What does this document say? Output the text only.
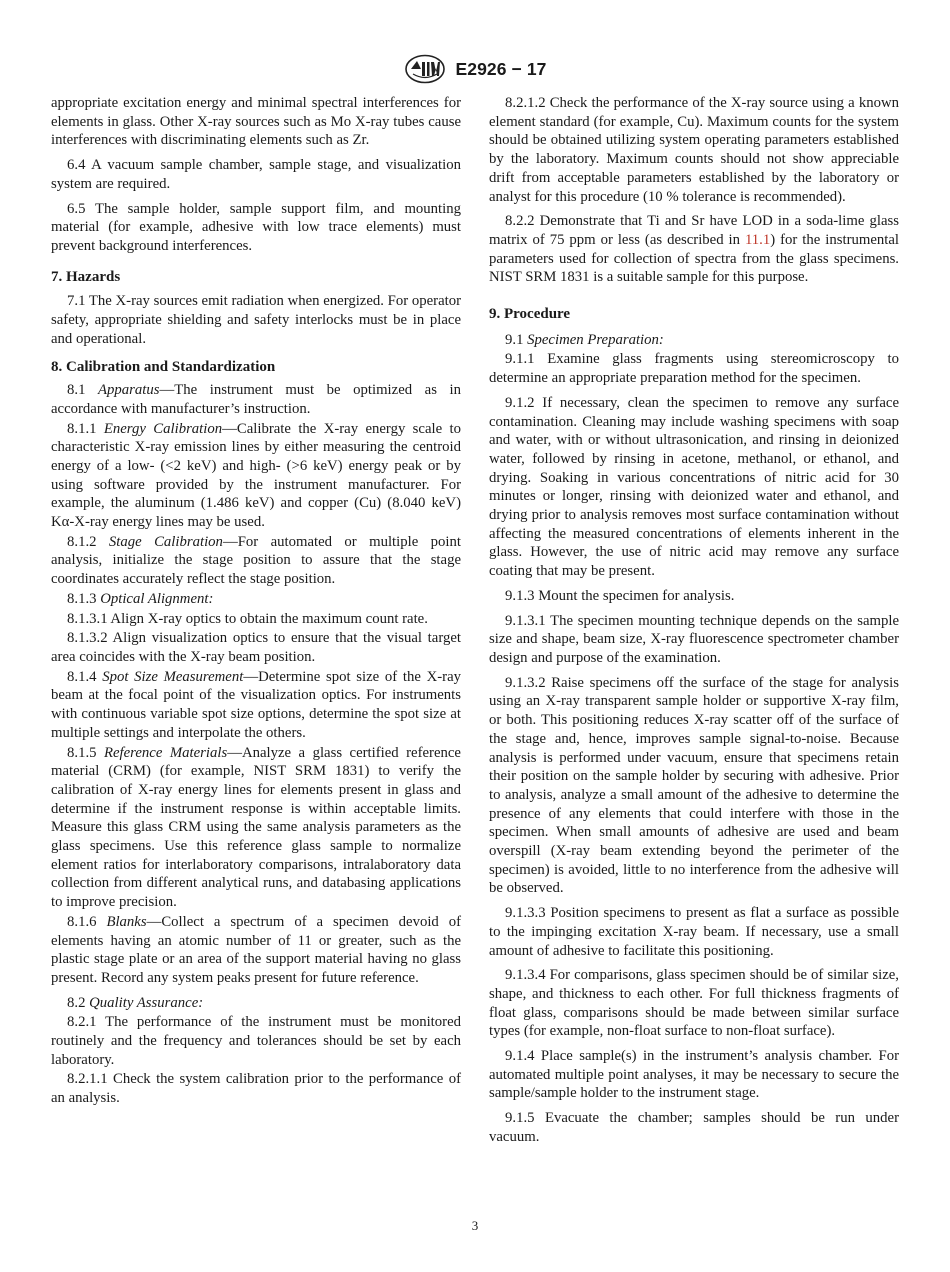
E2926 − 17

appropriate excitation energy and minimal spectral interferences for elements in glass. Other X-ray sources such as Mo X-ray tubes cause interferences with discriminating elements such as Zr.

6.4 A vacuum sample chamber, sample stage, and visualization system are required.

6.5 The sample holder, sample support film, and mounting material (for example, adhesive with low trace elements) must prevent background interferences.

7. Hazards

7.1 The X-ray sources emit radiation when energized. For operator safety, appropriate shielding and safety interlocks must be in place and operational.

8. Calibration and Standardization

8.1 Apparatus—The instrument must be optimized as in accordance with manufacturer’s instruction.

8.1.1 Energy Calibration—Calibrate the X-ray energy scale to characteristic X-ray emission lines by either measuring the centroid energy of a low- (<2 keV) and high- (>6 keV) energy peak or by using software provided by the instrument manufacturer. For example, the aluminum (1.486 keV) and copper (Cu) (8.040 keV) Kα-X-ray energy lines may be used.

8.1.2 Stage Calibration—For automated or multiple point analysis, initialize the stage position to assure that the stage coordinates accurately reflect the stage position.

8.1.3 Optical Alignment:

8.1.3.1 Align X-ray optics to obtain the maximum count rate.

8.1.3.2 Align visualization optics to ensure that the visual target area coincides with the X-ray beam position.

8.1.4 Spot Size Measurement—Determine spot size of the X-ray beam at the focal point of the visualization optics. For instruments with continuous variable spot size options, determine the spot size at multiple settings and interpolate the others.

8.1.5 Reference Materials—Analyze a glass certified reference material (CRM) (for example, NIST SRM 1831) to verify the calibration of X-ray energy lines for elements present in glass and determine if the instrument response is within acceptable limits. Measure this glass CRM using the same analysis parameters as the glass specimens. Use this reference glass sample to normalize element ratios for interlaboratory comparisons, intralaboratory data collection from different analytical runs, and databasing applications to improve precision.

8.1.6 Blanks—Collect a spectrum of a specimen devoid of elements having an atomic number of 11 or greater, such as the plastic stage plate or an area of the support material having no glass present. Record any system peaks present for future reference.

8.2 Quality Assurance:

8.2.1 The performance of the instrument must be monitored routinely and the frequency and tolerances should be set by each laboratory.

8.2.1.1 Check the system calibration prior to the performance of an analysis.

8.2.1.2 Check the performance of the X-ray source using a known element standard (for example, Cu). Maximum counts for the system should be obtained utilizing system operating parameters established by the laboratory. Maximum counts should not show appreciable drift from acceptable parameters established by the laboratory or analyst for this procedure (10 % tolerance is recommended).

8.2.2 Demonstrate that Ti and Sr have LOD in a soda-lime glass matrix of 75 ppm or less (as described in 11.1) for the instrumental parameters used for collection of spectra from the glass specimens. NIST SRM 1831 is a suitable sample for this purpose.

9. Procedure

9.1 Specimen Preparation:

9.1.1 Examine glass fragments using stereomicroscopy to determine an appropriate preparation method for the specimen.

9.1.2 If necessary, clean the specimen to remove any surface contamination. Cleaning may include washing specimens with soap and water, with or without ultrasonication, and rinsing in deionized water, followed by rinsing in acetone, methanol, or ethanol, and drying. Soaking in various concentrations of nitric acid for 30 minutes or longer, rinsing with deionized water and ethanol, and drying prior to analysis removes most surface contamination without affecting the measured concentrations of elements inherent in the glass. However, the use of nitric acid may remove any surface coating that may be present.

9.1.3 Mount the specimen for analysis.

9.1.3.1 The specimen mounting technique depends on the sample size and shape, beam size, X-ray fluorescence spectrometer chamber design and purpose of the examination.

9.1.3.2 Raise specimens off the surface of the stage for analysis using an X-ray transparent sample holder or supportive X-ray film, or both. This positioning reduces X-ray scatter off of the surface of the stage and, hence, improves sample signal-to-noise. Because analysis is performed under vacuum, ensure that specimens retain their position on the sample holder by securing with adhesive. Prior to analysis, analyze a small amount of the adhesive to determine the presence of any elements that could interfere with those in the specimen. When small amounts of adhesive are used and beam overspill (X-ray beam extending beyond the perimeter of the specimen) is avoided, little to no interference from the adhesive will be observed.

9.1.3.3 Position specimens to present as flat a surface as possible to the impinging excitation X-ray beam. If necessary, use a small amount of adhesive to facilitate this positioning.

9.1.3.4 For comparisons, glass specimen should be of similar size, shape, and thickness to each other. For full thickness fragments of float glass, comparisons should be made between similar surface types (for example, non-float surface to non-float surface).

9.1.4 Place sample(s) in the instrument’s analysis chamber. For automated multiple point analyses, it may be necessary to secure the sample/sample holder to the instrument stage.

9.1.5 Evacuate the chamber; samples should be run under vacuum.

3
